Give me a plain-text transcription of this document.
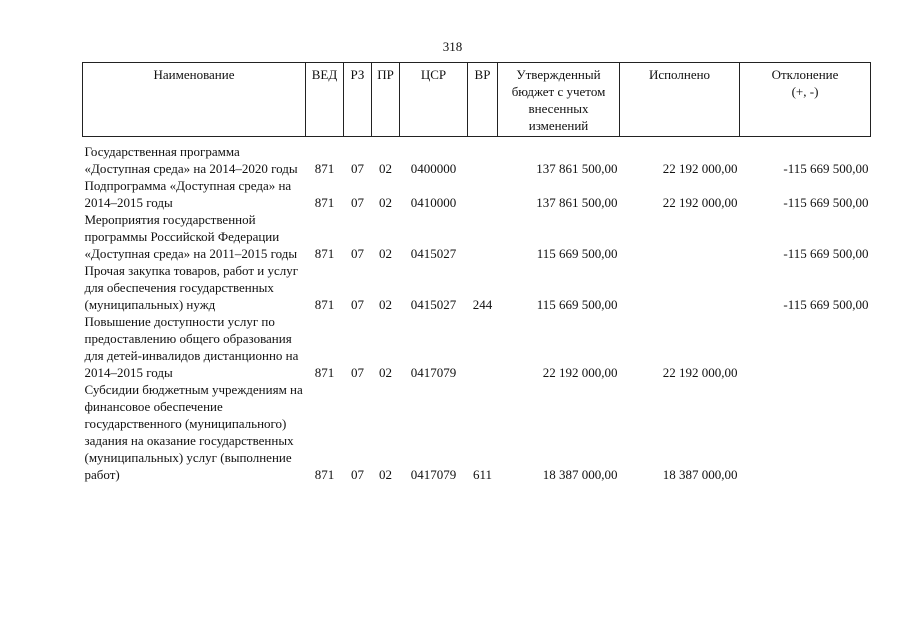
318
Наименование	ВЕД	РЗ	ПР	ЦСР	ВР	Утвержденный бюджет с учетом внесенных изменений	Исполнено	Отклонение (+, -)

Государственная программа «Доступная среда» на 2014–2020 годы	871	07	02	0400000		137 861 500,00	22 192 000,00	-115 669 500,00
Подпрограмма «Доступная среда» на 2014–2015 годы	871	07	02	0410000		137 861 500,00	22 192 000,00	-115 669 500,00
Мероприятия государственной программы Российской Федерации «Доступная среда» на 2011–2015 годы	871	07	02	0415027		115 669 500,00		-115 669 500,00
Прочая закупка товаров, работ и услуг для обеспечения государственных (муниципальных) нужд	871	07	02	0415027	244	115 669 500,00		-115 669 500,00
Повышение доступности услуг по предоставлению общего образования для детей-инвалидов дистанционно на 2014–2015 годы	871	07	02	0417079		22 192 000,00	22 192 000,00	
Субсидии бюджетным учреждениям на финансовое обеспечение государственного (муниципального) задания на оказание государственных (муниципальных) услуг (выполнение работ)	871	07	02	0417079	611	18 387 000,00	18 387 000,00	
